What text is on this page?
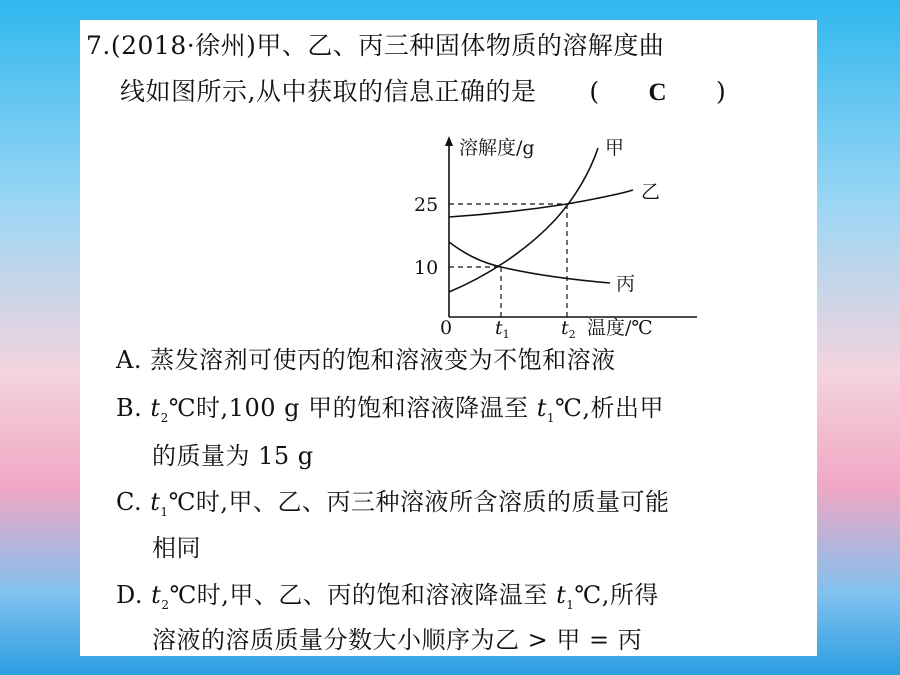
7.(2018·徐州)甲、乙、丙三种固体物质的溶解度曲
线如图所示,从中获取的信息正确的是 ( C )
溶解度/g	甲
乙
丙
25
10
0 $t_1$	$t_2$ 温度/℃
A. 蒸发溶剂可使丙的饱和溶液变为不饱和溶液
B. $t_2℃$时,100 g 甲的饱和溶液降温至 $t_1℃$,析出甲
的质量为 15 g
C. $t_1℃$时,甲、乙、丙三种溶液所含溶质的质量可能
相同
D. $t_2℃$时,甲、乙、丙的饱和溶液降温至 $t_1℃$,所得
溶液的溶质质量分数大小顺序为乙 > 甲 = 丙
